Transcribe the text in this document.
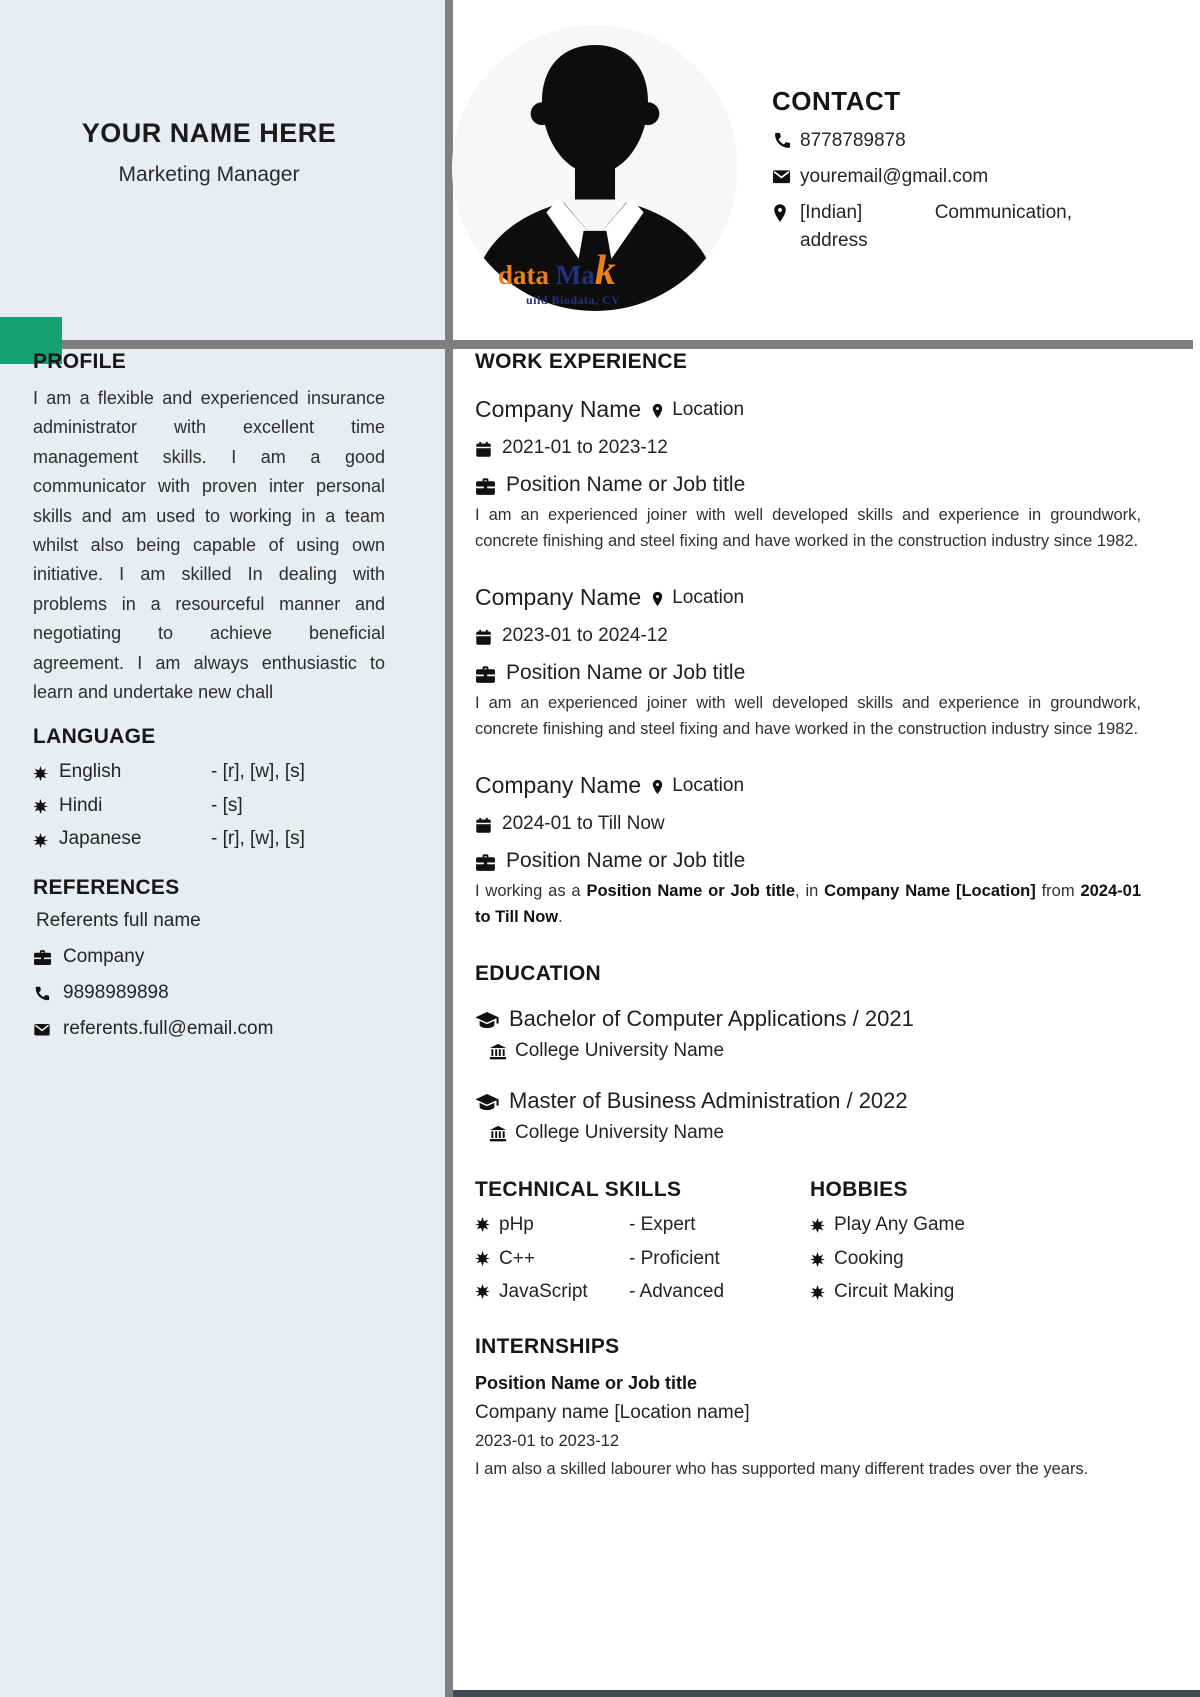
YOUR NAME HERE
Marketing Manager
data Mak
uild Biodata, CV
CONTACT
8778789878
youremail@gmail.com
[Indian] Communication, address
PROFILE
I am a flexible and experienced insurance administrator with excellent time management skills. I am a good communicator with proven inter personal skills and am used to working in a team whilst also being capable of using own initiative. I am skilled In dealing with problems in a resourceful manner and negotiating to achieve beneficial agreement. I am always enthusiastic to learn and undertake new chall
LANGUAGE
English	- [r], [w], [s]
Hindi	- [s]
Japanese	- [r], [w], [s]
REFERENCES
Referents full name
Company
9898989898
referents.full@email.com
WORK EXPERIENCE
Company Name Location
2021-01 to 2023-12
Position Name or Job title
I am an experienced joiner with well developed skills and experience in groundwork, concrete finishing and steel fixing and have worked in the construction industry since 1982.
Company Name Location
2023-01 to 2024-12
Position Name or Job title
I am an experienced joiner with well developed skills and experience in groundwork, concrete finishing and steel fixing and have worked in the construction industry since 1982.
Company Name Location
2024-01 to Till Now
Position Name or Job title
I working as a Position Name or Job title, in Company Name [Location] from 2024-01 to Till Now.
EDUCATION
Bachelor of Computer Applications / 2021
College University Name
Master of Business Administration / 2022
College University Name
TECHNICAL SKILLS
pHp	- Expert
C++	- Proficient
JavaScript	- Advanced
HOBBIES
Play Any Game
Cooking
Circuit Making
INTERNSHIPS
Position Name or Job title
Company name [Location name]
2023-01 to 2023-12
I am also a skilled labourer who has supported many different trades over the years.
